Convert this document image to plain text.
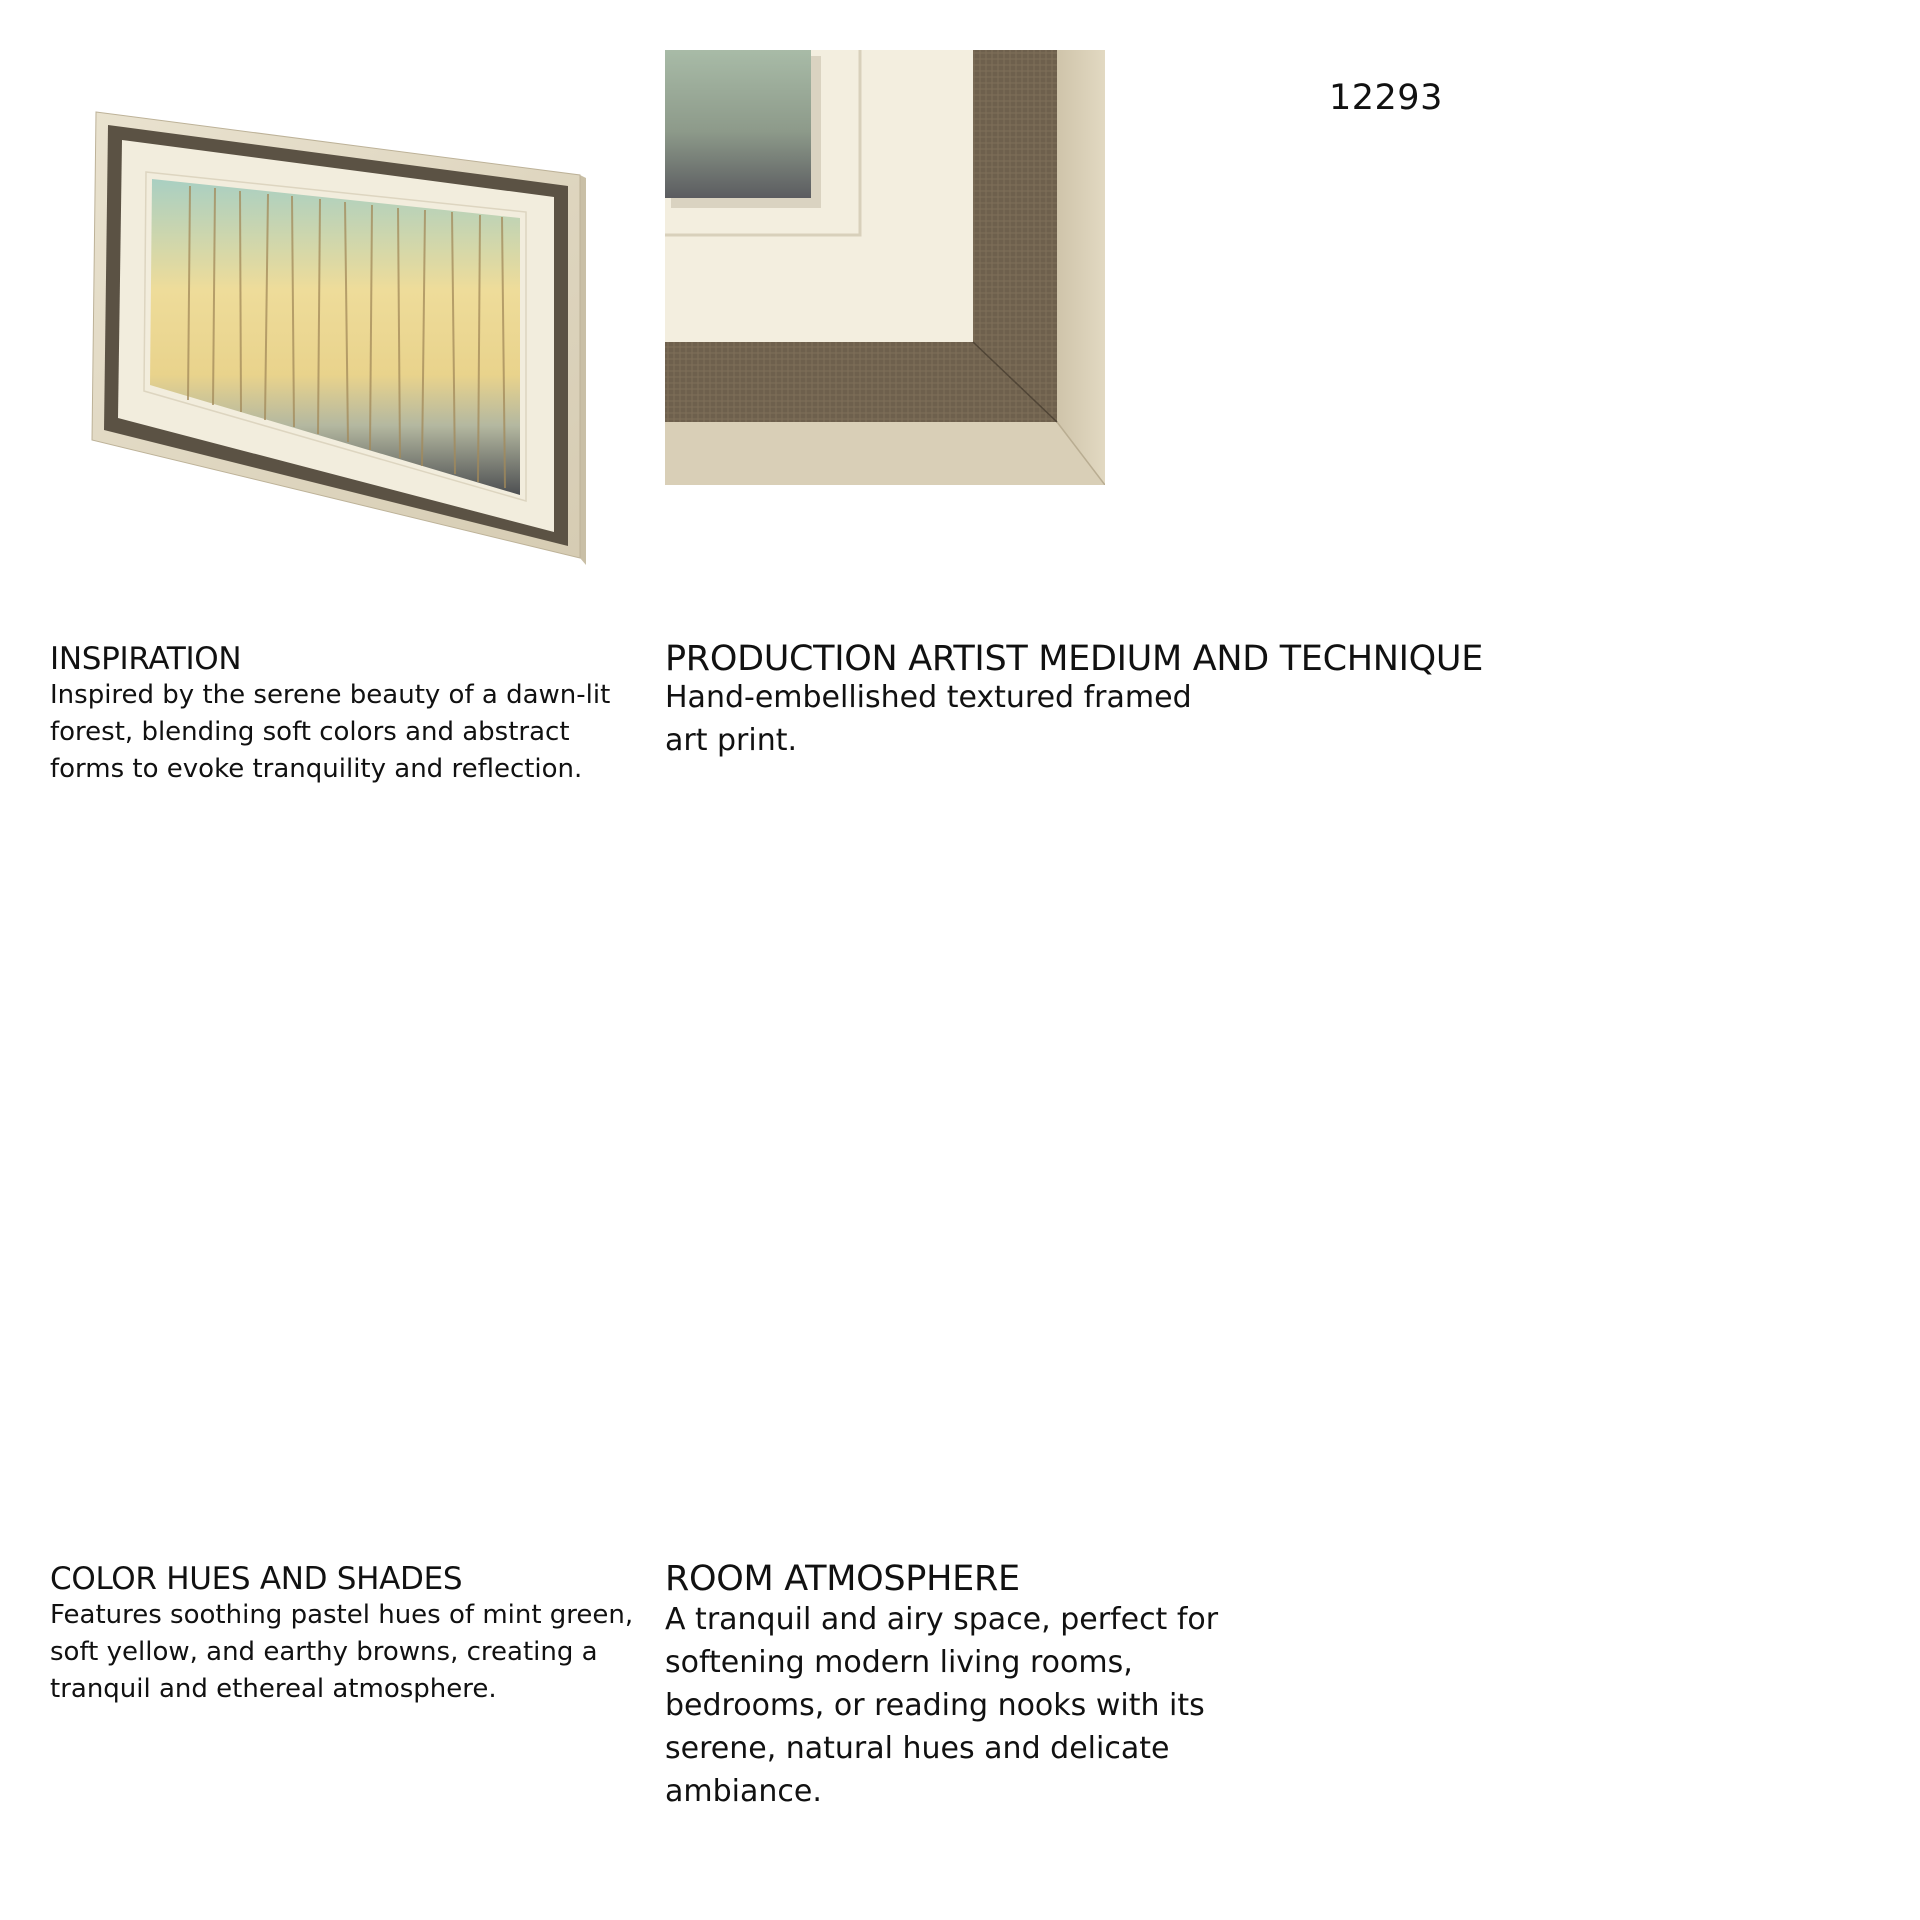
12293
INSPIRATION
Inspired by the serene beauty of a dawn-lit forest, blending soft colors and abstract forms to evoke tranquility and reflection.
PRODUCTION ARTIST MEDIUM AND TECHNIQUE
Hand-embellished textured framed art print.
COLOR HUES AND SHADES
Features soothing pastel hues of mint green, soft yellow, and earthy browns, creating a tranquil and ethereal atmosphere.
ROOM ATMOSPHERE
A tranquil and airy space, perfect for softening modern living rooms, bedrooms, or reading nooks with its serene, natural hues and delicate ambiance.
